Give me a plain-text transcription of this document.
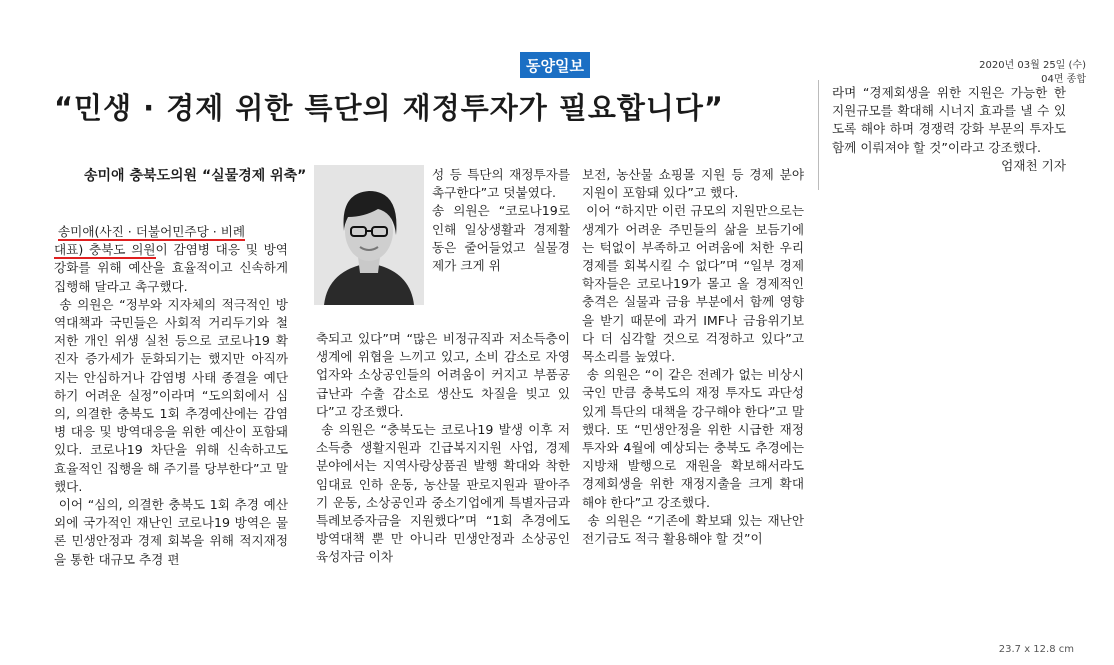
동양일보	2020년 03월 25일 (수)
04면 종합
“민생 · 경제 위한 특단의 재정투자가 필요합니다”
송미애 충북도의원 “실물경제 위축”

송미애(사진 · 더불어민주당 · 비례
대표) 충북도 의원이 감염병 대응 및 방역강화를 위해 예산을 효율적이고 신속하게 집행해 달라고 촉구했다.

송 의원은 “정부와 지자체의 적극적인 방역대책과 국민들은 사회적 거리두기와 철저한 개인 위생 실천 등으로 코로나19 확진자 증가세가 둔화되기는 했지만 아직까지는 안심하거나 감염병 사태 종결을 예단하기 어려운 실정”이라며 “도의회에서 심의, 의결한 충북도 1회 추경예산에는 감염병 대응 및 방역대응을 위한 예산이 포함돼 있다. 코로나19 차단을 위해 신속하고도 효율적인 집행을 해 주기를 당부한다”고 말했다.

이어 “심의, 의결한 충북도 1회 추경 예산 외에 국가적인 재난인 코로나19 방역은 물론 민생안정과 경제 회복을 위해 적지재정을 통한 대규모 추경 편

성 등 특단의 재정투자를 촉구한다”고 덧붙였다.
송 의원은 “코로나19로 인해 일상생활과 경제활동은 줄어들었고 실물경제가 크게 위

축되고 있다”며 “많은 비정규직과 저소득층이 생계에 위협을 느끼고 있고, 소비 감소로 자영업자와 소상공인들의 어려움이 커지고 부품공급난과 수출 감소로 생산도 차질을 빚고 있다”고 강조했다.

송 의원은 “충북도는 코로나19 발생 이후 저소득층 생활지원과 긴급복지지원 사업, 경제 분야에서는 지역사랑상품권 발행 확대와 착한 임대료 인하 운동, 농산물 판로지원과 팔아주기 운동, 소상공인과 중소기업에게 특별자금과 특례보증자금을 지원했다”며 “1회 추경에도 방역대책 뿐 만 아니라 민생안정과 소상공인 육성자금 이차

보전, 농산물 쇼핑몰 지원 등 경제 분야 지원이 포함돼 있다”고 했다.

이어 “하지만 이런 규모의 지원만으로는 생계가 어려운 주민들의 삶을 보듬기에는 턱없이 부족하고 어려움에 처한 우리 경제를 회복시킬 수 없다”며 “일부 경제학자들은 코로나19가 몰고 올 경제적인 충격은 실물과 금융 부분에서 함께 영향을 받기 때문에 과거 IMF나 금융위기보다 더 심각할 것으로 걱정하고 있다”고 목소리를 높였다.

송 의원은 “이 같은 전례가 없는 비상시국인 만큼 충북도의 재정 투자도 과단성 있게 특단의 대책을 강구해야 한다”고 말했다. 또 “민생안정을 위한 시급한 재정투자와 4월에 예상되는 충북도 추경에는 지방채 발행으로 재원을 확보해서라도 경제회생을 위한 재정지출을 크게 확대해야 한다”고 강조했다.

송 의원은 “기존에 확보돼 있는 재난안전기금도 적극 활용해야 할 것”이

라며 “경제회생을 위한 지원은 가능한 한 지원규모를 확대해 시너지 효과를 낼 수 있도록 해야 하며 경쟁력 강화 부문의 투자도 함께 이뤄져야 할 것”이라고 강조했다.

엄재천 기자

23.7 x 12.8 cm
